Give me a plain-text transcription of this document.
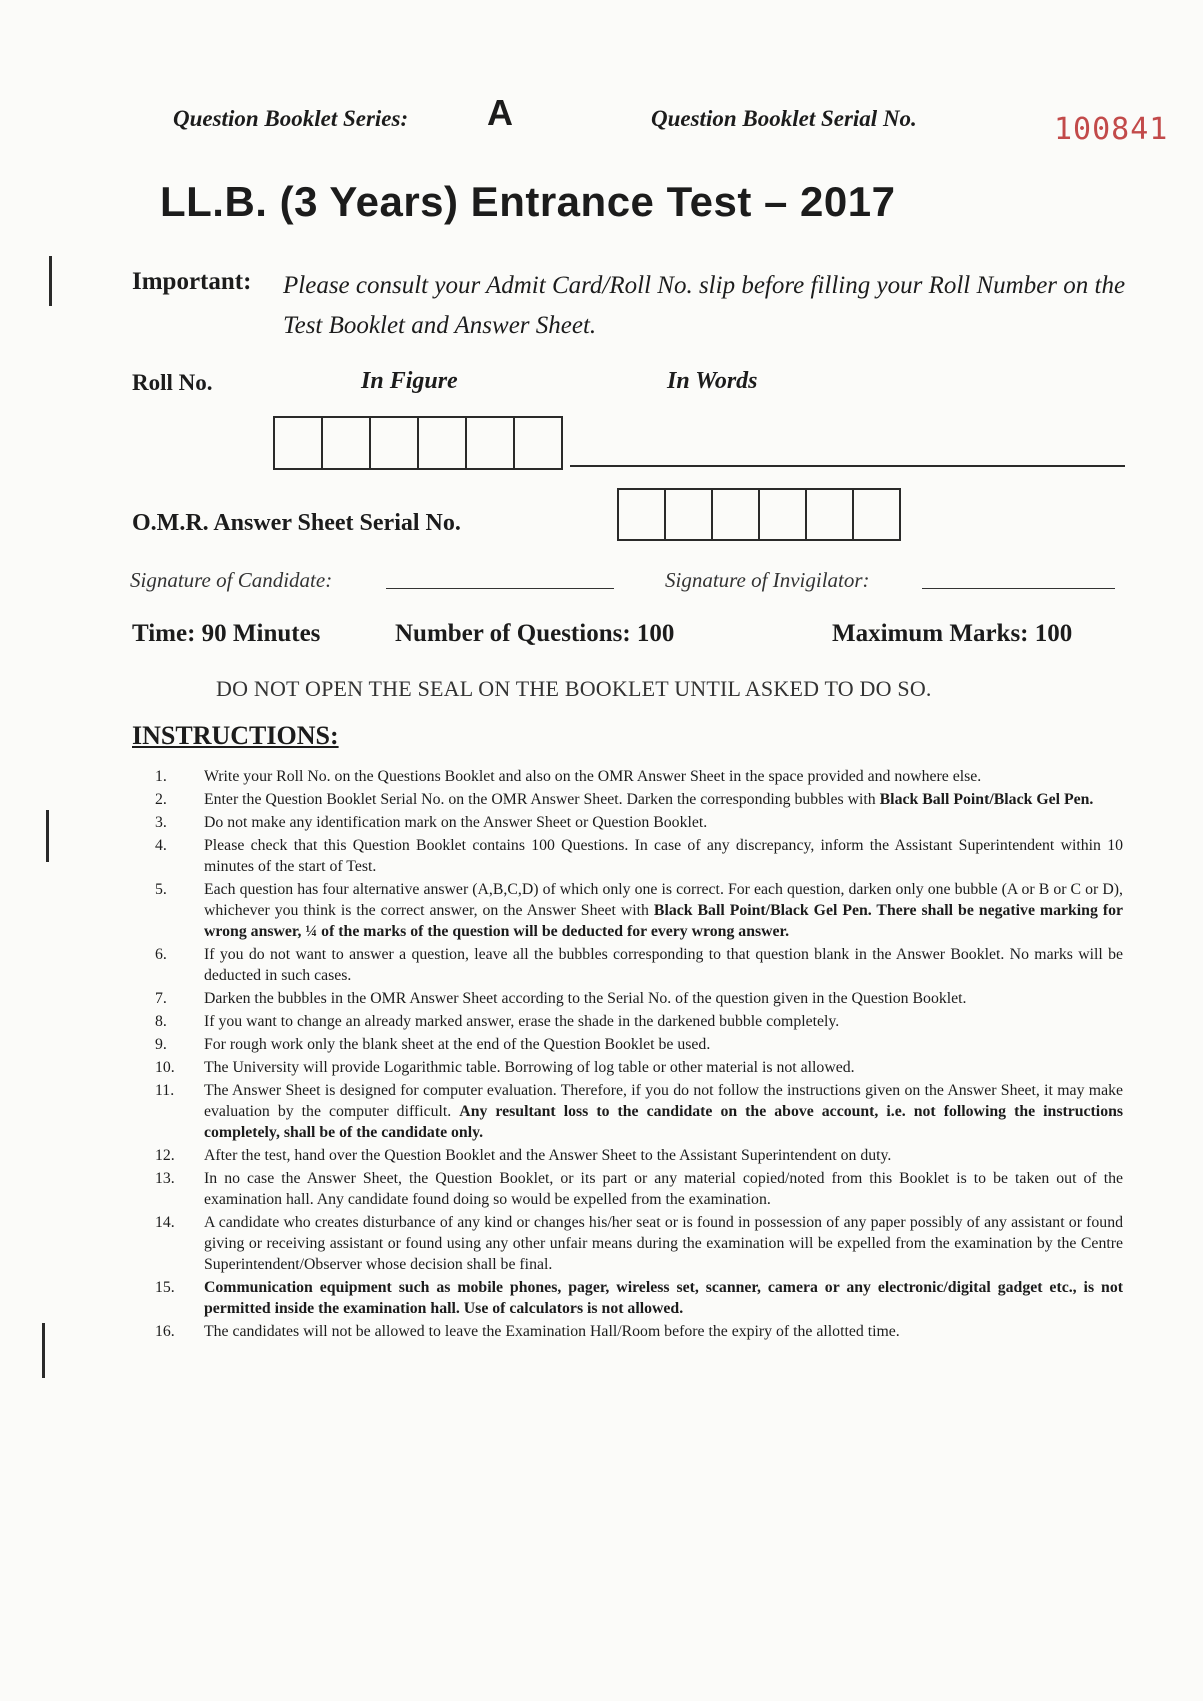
Question Booklet Series: A	Question Booklet Serial No.	100841
LL.B. (3 Years) Entrance Test – 2017
Important: Please consult your Admit Card/Roll No. slip before filling your Roll Number on the Test Booklet and Answer Sheet.
Roll No.	In Figure	In Words
O.M.R. Answer Sheet Serial No.
Signature of Candidate:	Signature of Invigilator:
Time: 90 Minutes	Number of Questions: 100	Maximum Marks: 100
DO NOT OPEN THE SEAL ON THE BOOKLET UNTIL ASKED TO DO SO.
INSTRUCTIONS:
1.	Write your Roll No. on the Questions Booklet and also on the OMR Answer Sheet in the space provided and nowhere else.
2.	Enter the Question Booklet Serial No. on the OMR Answer Sheet. Darken the corresponding bubbles with Black Ball Point/Black Gel Pen.
3.	Do not make any identification mark on the Answer Sheet or Question Booklet.
4.	Please check that this Question Booklet contains 100 Questions. In case of any discrepancy, inform the Assistant Superintendent within 10 minutes of the start of Test.
5.	Each question has four alternative answer (A,B,C,D) of which only one is correct. For each question, darken only one bubble (A or B or C or D), whichever you think is the correct answer, on the Answer Sheet with Black Ball Point/Black Gel Pen. There shall be negative marking for wrong answer, ¼ of the marks of the question will be deducted for every wrong answer.
6.	If you do not want to answer a question, leave all the bubbles corresponding to that question blank in the Answer Booklet. No marks will be deducted in such cases.
7.	Darken the bubbles in the OMR Answer Sheet according to the Serial No. of the question given in the Question Booklet.
8.	If you want to change an already marked answer, erase the shade in the darkened bubble completely.
9.	For rough work only the blank sheet at the end of the Question Booklet be used.
10.	The University will provide Logarithmic table. Borrowing of log table or other material is not allowed.
11.	The Answer Sheet is designed for computer evaluation. Therefore, if you do not follow the instructions given on the Answer Sheet, it may make evaluation by the computer difficult. Any resultant loss to the candidate on the above account, i.e. not following the instructions completely, shall be of the candidate only.
12.	After the test, hand over the Question Booklet and the Answer Sheet to the Assistant Superintendent on duty.
13.	In no case the Answer Sheet, the Question Booklet, or its part or any material copied/noted from this Booklet is to be taken out of the examination hall. Any candidate found doing so would be expelled from the examination.
14.	A candidate who creates disturbance of any kind or changes his/her seat or is found in possession of any paper possibly of any assistant or found giving or receiving assistant or found using any other unfair means during the examination will be expelled from the examination by the Centre Superintendent/Observer whose decision shall be final.
15.	Communication equipment such as mobile phones, pager, wireless set, scanner, camera or any electronic/digital gadget etc., is not permitted inside the examination hall. Use of calculators is not allowed.
16.	The candidates will not be allowed to leave the Examination Hall/Room before the expiry of the allotted time.
